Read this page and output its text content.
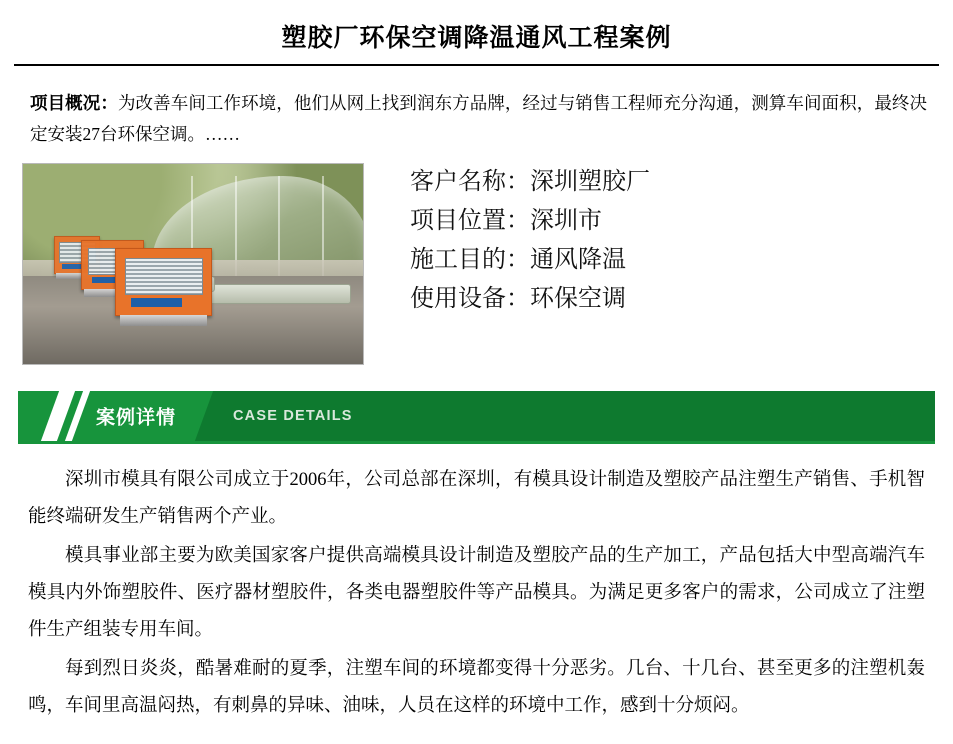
塑胶厂环保空调降温通风工程案例
项目概况：为改善车间工作环境，他们从网上找到润东方品牌，经过与销售工程师充分沟通，测算车间面积，最终决定安装27台环保空调。……
客户名称：深圳塑胶厂
项目位置：深圳市
施工目的：通风降温
使用设备：环保空调
案例详情	CASE DETAILS

深圳市模具有限公司成立于2006年，公司总部在深圳，有模具设计制造及塑胶产品注塑生产销售、手机智能终端研发生产销售两个产业。

模具事业部主要为欧美国家客户提供高端模具设计制造及塑胶产品的生产加工，产品包括大中型高端汽车模具内外饰塑胶件、医疗器材塑胶件，各类电器塑胶件等产品模具。为满足更多客户的需求，公司成立了注塑件生产组装专用车间。

每到烈日炎炎，酷暑难耐的夏季，注塑车间的环境都变得十分恶劣。几台、十几台、甚至更多的注塑机轰鸣，车间里高温闷热，有刺鼻的异味、油味，人员在这样的环境中工作，感到十分烦闷。
